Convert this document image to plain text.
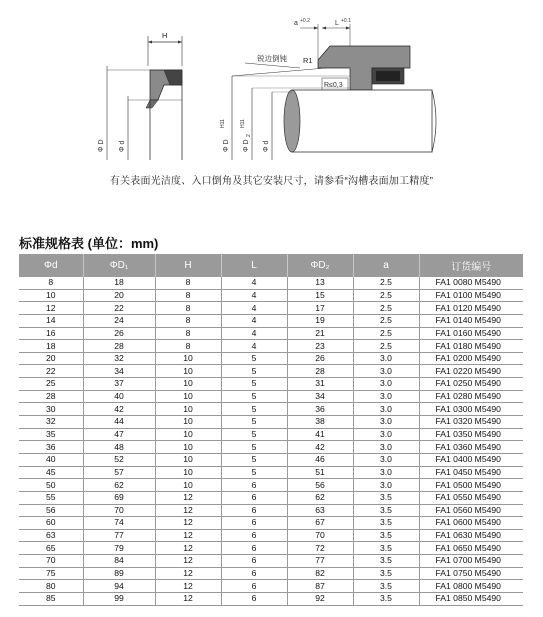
H
Φ D Φ d
a +0.2	L +0.1
R1
R≤0,3
锐边倒钝
Φ D
H11
Φ D
2
H11
Φ d
有关表面光洁度、入口倒角及其它安装尺寸，请参看“沟槽表面加工精度”
标准规格表 (单位：mm)
Φd	ΦD₁	H	L	ΦD₂	a	订货编号
8	18	8	4	13	2.5	FA1 0080 M5490
10	20	8	4	15	2.5	FA1 0100 M5490
12	22	8	4	17	2.5	FA1 0120 M5490
14	24	8	4	19	2.5	FA1 0140 M5490
16	26	8	4	21	2.5	FA1 0160 M5490
18	28	8	4	23	2.5	FA1 0180 M5490
20	32	10	5	26	3.0	FA1 0200 M5490
22	34	10	5	28	3.0	FA1 0220 M5490
25	37	10	5	31	3.0	FA1 0250 M5490
28	40	10	5	34	3.0	FA1 0280 M5490
30	42	10	5	36	3.0	FA1 0300 M5490
32	44	10	5	38	3.0	FA1 0320 M5490
35	47	10	5	41	3.0	FA1 0350 M5490
36	48	10	5	42	3.0	FA1 0360 M5490
40	52	10	5	46	3.0	FA1 0400 M5490
45	57	10	5	51	3.0	FA1 0450 M5490
50	62	10	6	56	3.0	FA1 0500 M5490
55	69	12	6	62	3.5	FA1 0550 M5490
56	70	12	6	63	3.5	FA1 0560 M5490
60	74	12	6	67	3.5	FA1 0600 M5490
63	77	12	6	70	3.5	FA1 0630 M5490
65	79	12	6	72	3.5	FA1 0650 M5490
70	84	12	6	77	3.5	FA1 0700 M5490
75	89	12	6	82	3.5	FA1 0750 M5490
80	94	12	6	87	3.5	FA1 0800 M5490
85	99	12	6	92	3.5	FA1 0850 M5490
